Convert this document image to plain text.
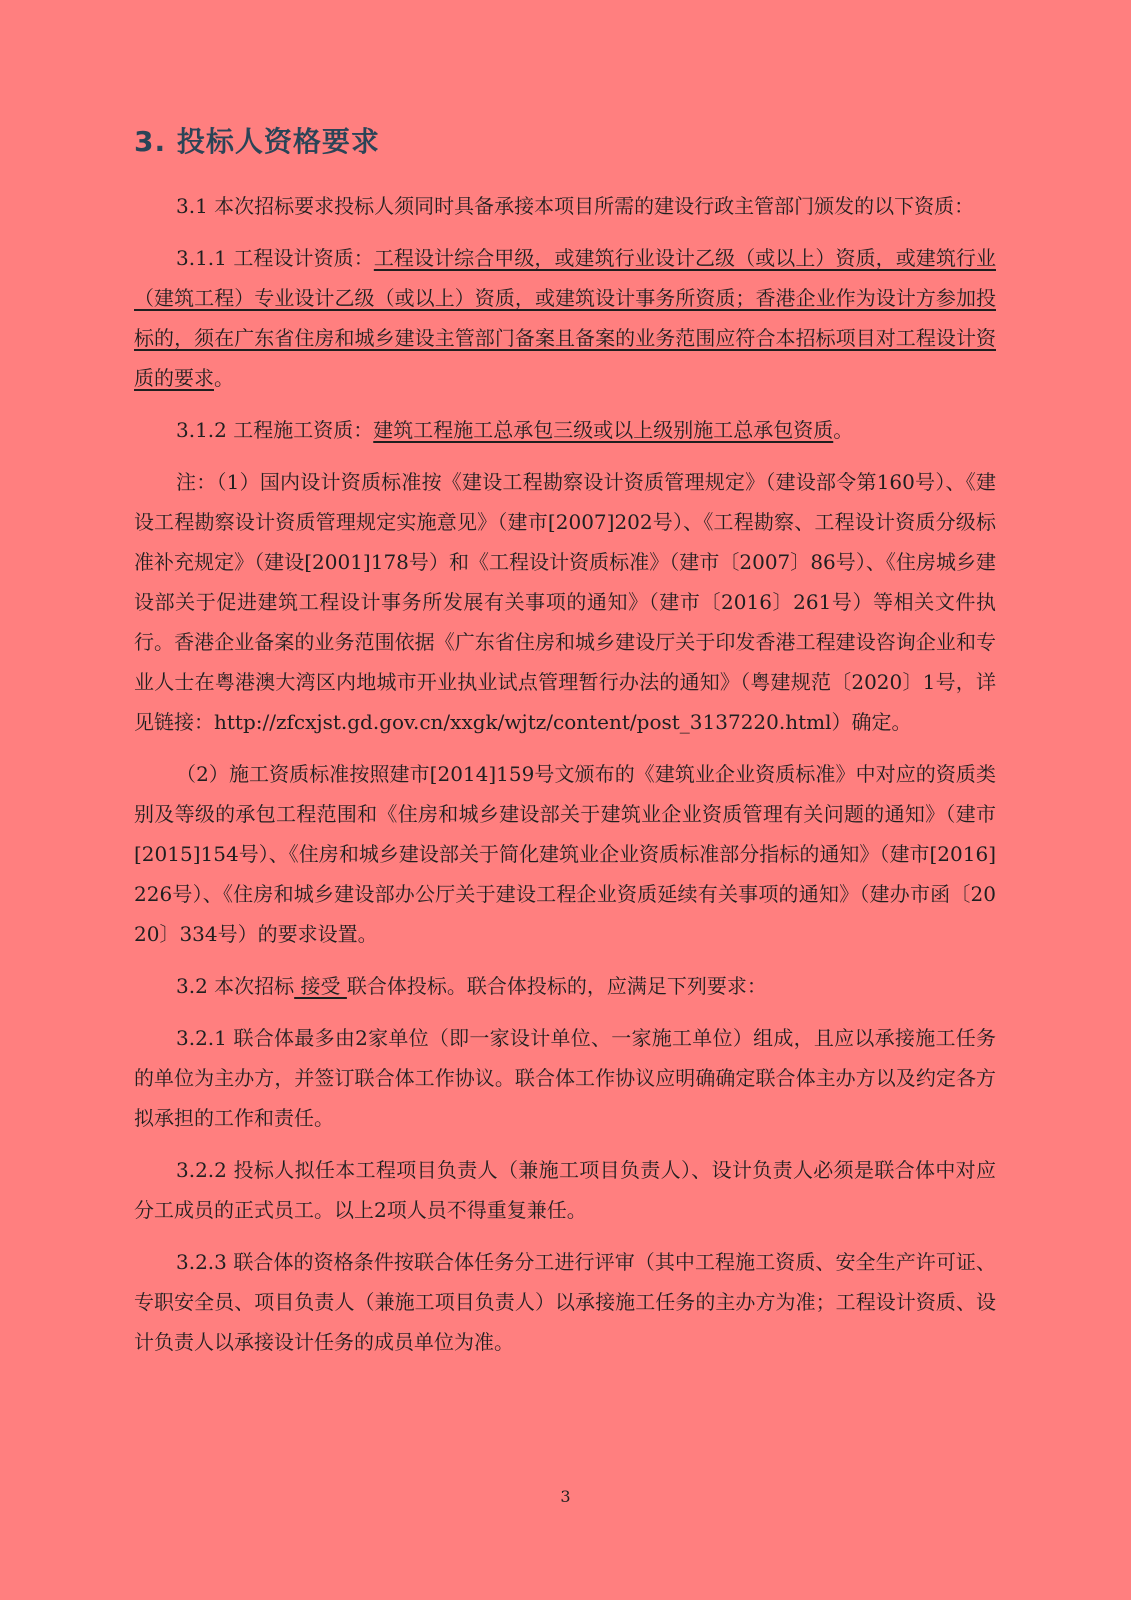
3. 投标人资格要求

3.1 本次招标要求投标人须同时具备承接本项目所需的建设行政主管部门颁发的以下资质：

3.1.1 工程设计资质：工程设计综合甲级，或建筑行业设计乙级（或以上）资质，或建筑行业（建筑工程）专业设计乙级（或以上）资质，或建筑设计事务所资质；香港企业作为设计方参加投标的，须在广东省住房和城乡建设主管部门备案且备案的业务范围应符合本招标项目对工程设计资质的要求。

3.1.2 工程施工资质：建筑工程施工总承包三级或以上级别施工总承包资质。

注：（1）国内设计资质标准按《建设工程勘察设计资质管理规定》（建设部令第160号）、《建设工程勘察设计资质管理规定实施意见》（建市[2007]202号）、《工程勘察、工程设计资质分级标准补充规定》（建设[2001]178号）和《工程设计资质标准》（建市〔2007〕86号）、《住房城乡建设部关于促进建筑工程设计事务所发展有关事项的通知》（建市〔2016〕261号）等相关文件执行。香港企业备案的业务范围依据《广东省住房和城乡建设厅关于印发香港工程建设咨询企业和专业人士在粤港澳大湾区内地城市开业执业试点管理暂行办法的通知》（粤建规范〔2020〕1号，详见链接：http://zfcxjst.gd.gov.cn/xxgk/wjtz/content/post_3137220.html）确定。

（2）施工资质标准按照建市[2014]159号文颁布的《建筑业企业资质标准》中对应的资质类别及等级的承包工程范围和《住房和城乡建设部关于建筑业企业资质管理有关问题的通知》（建市[2015]154号）、《住房和城乡建设部关于简化建筑业企业资质标准部分指标的通知》（建市[2016]226号）、《住房和城乡建设部办公厅关于建设工程企业资质延续有关事项的通知》（建办市函〔2020〕334号）的要求设置。

3.2 本次招标 接受 联合体投标。联合体投标的，应满足下列要求：

3.2.1 联合体最多由2家单位（即一家设计单位、一家施工单位）组成，且应以承接施工任务的单位为主办方，并签订联合体工作协议。联合体工作协议应明确确定联合体主办方以及约定各方拟承担的工作和责任。

3.2.2 投标人拟任本工程项目负责人（兼施工项目负责人）、设计负责人必须是联合体中对应分工成员的正式员工。以上2项人员不得重复兼任。

3.2.3 联合体的资格条件按联合体任务分工进行评审（其中工程施工资质、安全生产许可证、专职安全员、项目负责人（兼施工项目负责人）以承接施工任务的主办方为准；工程设计资质、设计负责人以承接设计任务的成员单位为准。

3
